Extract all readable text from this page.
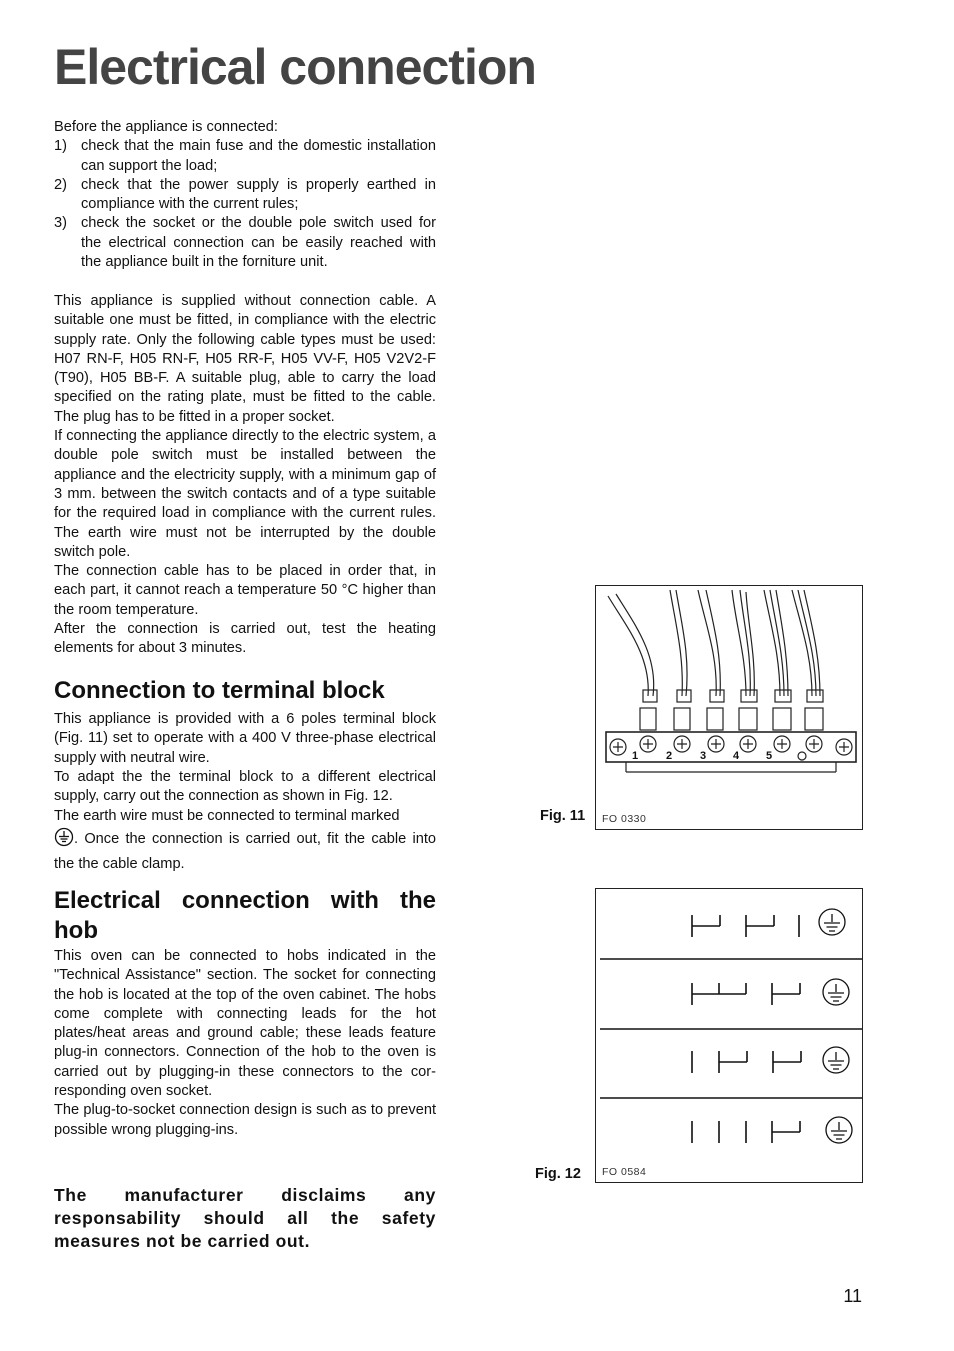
Electrical connection

Before the appliance is connected:

1) check that the main fuse and the domestic installation can support the load;
2) check that the power supply is properly earthed in compliance with the current rules;
3) check the socket or the double pole switch used for the electrical connection can be easily reached with the appliance built in the forniture unit.

This appliance is supplied without connection cable. A suitable one must be fitted, in compliance with the electric supply rate. Only the following cable types must be used: H07 RN-F, H05 RN-F, H05 RR-F, H05 VV-F, H05 V2V2-F (T90), H05 BB-F. A suitable plug, able to carry the load specified on the rating plate, must be fitted to the cable. The plug has to be fitted in a proper socket.

If connecting the appliance directly to the electric system, a double pole switch must be installed between the appliance and the electricity supply, with a minimum gap of 3 mm. between the switch contacts and of a type suitable for the required load in compliance with the current rules. The earth wire must not be interrupted by the double switch pole.

The connection cable has to be placed in order that, in each part, it cannot reach a temperature 50 °C higher than the room temperature.

After the connection is carried out, test the heating elements for about 3 minutes.

Connection to terminal block

This appliance is provided with a 6 poles terminal block (Fig. 11) set to operate with a 400 V three-phase electrical supply with neutral wire.

To adapt the the terminal block to a different electrical supply, carry out the connection as shown in Fig. 12.

The earth wire must be connected to terminal marked
. Once the connection is carried out, fit the cable into the the cable clamp.

Electrical connection with the hob

This oven can be connected to hobs indicated in the "Technical Assistance" section. The socket for connecting the hob is located at the top of the oven cabinet. The hobs come complete with connecting leads for the hot plates/heat areas and ground cable; these leads feature plug-in connectors. Connection of the hob to the oven is carried out by plugging-in these connectors to the cor-responding oven socket.

The plug-to-socket connection design is such as to prevent possible wrong plugging-ins.

The manufacturer disclaims any responsability should all the safety measures not be carried out.

1	2	3 4 5
FO 0330
Fig. 11
FO 0584
Fig. 12
11
